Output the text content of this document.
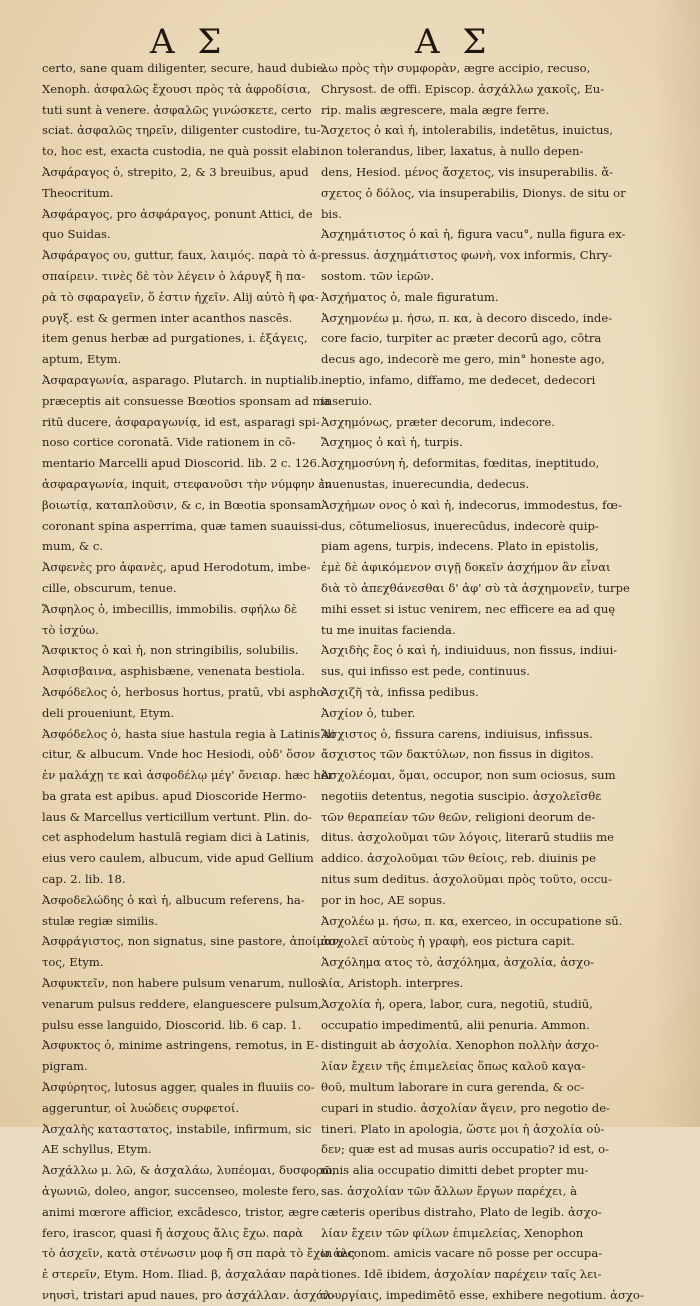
Α Σ	Α Σ
certo, sane quam diligenter, secure, haud dubie.
Xenoph. ἀσφαλῶς ἔχουσι πρὸς τὰ ἀφροδίσια,
tuti sunt à venere. ἀσφαλῶς γινώσκετε, certo
sciat. ἀσφαλῶς τηρεῖν, diligenter custodire, tu-
to, hoc est, exacta custodia, ne quà possit elabi.
Ἀσφάραγος ὁ, strepito, 2, & 3 breuibus, apud
Theocritum.
Ἀσφάραγος, pro ἀσφάραγος, ponunt Attici, de
quo Suidas.
Ἀσφάραγος ου, guttur, faux, λαιμός. παρὰ τὸ ἀ-
σπαίρειν. τινὲς δὲ τὸν λέγειν ὁ λάρυγξ ἢ πα-
ρὰ τὸ σφαραγεῖν, ὅ ἐστιν ἠχεῖν. Alij αὐτὸ ἢ φα-
ρυγξ. est & germen inter acanthos nascēs.
item genus herbæ ad purgationes, i. ἐξάγεις,
aptum, Etym.
Ἀσφαραγωνία, asparago. Plutarch. in nuptialib.
præceptis ait consuesse Bœotios sponsam ad ma
ritū ducere, ἀσφαραγωνίᾳ, id est, asparagi spi-
noso cortice coronatā. Vide rationem in cō-
mentario Marcelli apud Dioscorid. lib. 2 c. 126.
ἀσφαραγωνία, inquit, στεφανοῦσι τὴν νύμφην ἐν
βοιωτίᾳ, καταπλοῦσιν, & c, in Bœotia sponsam
coronant spina asperrima, quæ tamen suauissi-
mum, & c.
Ἀσφενὲς pro ἀφανὲς, apud Herodotum, imbe-
cille, obscurum, tenue.
Ἄσφηλος ὁ, imbecillis, immobilis. σφήλω δὲ
τὸ ἰσχύω.
Ἄσφικτος ὁ καὶ ἡ, non stringibilis, solubilis.
Ἀσφισβαινα, asphisbæne, venenata bestiola.
Ἀσφόδελος ὁ, herbosus hortus, pratū, vbi aspho-
deli proueniunt, Etym.
Ἀσφόδελος ὁ, hasta siue hastula regia à Latinis di
citur, & albucum. Vnde hoc Hesiodi, οὐδ' ὅσον
ἐν μαλάχῃ τε καὶ ἀσφοδέλῳ μέγ' ὄνειαρ. hæc her
ba grata est apibus. apud Dioscoride Hermo-
laus & Marcellus verticillum vertunt. Plin. do-
cet asphodelum hastulā regiam dici à Latinis,
eius vero caulem, albucum, vide apud Gellium
cap. 2. lib. 18.
Ἀσφοδελώδης ὁ καὶ ἡ, albucum referens, ha-
stulæ regiæ similis.
Ἀσφράγιστος, non signatus, sine pastore, ἀποίμαν-
τος, Etym.
Ἀσφυκτεῖν, non habere pulsum venarum, nullos
venarum pulsus reddere, elanguescere pulsum,
pulsu esse languido, Dioscorid. lib. 6 cap. 1.
Ἀσφυκτος ὁ, minime astringens, remotus, in E-
pigram.
Ἀσφύρητος, lutosus agger, quales in fluuiis co-
aggeruntur, οἱ λυώδεις συρφετοί.
Ἀσχαλὴς καταστατος, instabile, infirmum, sic
AE schyllus, Etym.
Ἀσχάλλω μ. λῶ, & ἀσχαλάω, λυπέομαι, δυσφορῶ,
ἀγωνιῶ, doleo, angor, succenseo, moleste fero,
animi mœrore afficior, excādesco, tristor, ægre
fero, irascor, quasi ἤ ἀσχους ἄλις ἔχω. παρὰ
τὸ ἀσχεῖν, κατὰ στένωσιν μοφ ἤ σπ παρὰ τὸ ἔχω ἀλς
ἐ στερεῖν, Etym. Hom. Iliad. β, ἀσχαλάαν παρὰ
νηυσὶ, tristari apud naues, pro ἀσχάλλαν. ἀσχάλ-
λω πρὸς τὴν συμφορὰν, ægre accipio, recuso,
Chrysost. de offi. Episcop. ἀσχάλλω χακοῖς, Eu-
rip. malis ægrescere, mala ægre ferre.
Ἄσχετος ὁ καὶ ἡ, intolerabilis, indetētus, inuictus,
non tolerandus, liber, laxatus, à nullo depen-
dens, Hesiod. μένος ἄσχετος, vis insuperabilis. ἄ-
σχετος ὁ δόλος, via insuperabilis, Dionys. de situ or
bis.
Ἀσχημάτιστος ὁ καὶ ἡ, figura vacu°, nulla figura ex-
pressus. ἀσχημάτιστος φωνὴ, vox informis, Chry-
sostom. τῶν ἱερῶν.
Ἀσχήματος ὁ, male figuratum.
Ἀσχημονέω μ. ήσω, π. κα, à decoro discedo, inde-
core facio, turpiter ac præter decorū ago, cōtra
decus ago, indecorè me gero, min° honeste ago,
ineptio, infamo, diffamo, me dedecet, dedecori
inseruio.
Ἀσχημόνως, præter decorum, indecore.
Ἄσχημος ὁ καὶ ἡ, turpis.
Ἀσχημοσύνη ἡ, deformitas, fœditas, ineptitudo,
inuenustas, inuerecundia, dedecus.
Ἀσχήμων ονος ὁ καὶ ἡ, indecorus, immodestus, fœ-
dus, cōtumeliosus, inuerecūdus, indecorè quip-
piam agens, turpis, indecens. Plato in epistolis,
ἐμὲ δὲ ἀφικόμενον σιγῇ δοκεῖν ἀσχήμον ἂν εἶναι
διὰ τὸ ἀπεχθάνεσθαι δ' ἀφ' σὺ τὰ ἀσχημονεῖν, turpe
mihi esset si istuc venirem, nec efficere ea ad quę
tu me inuitas facienda.
Ἀσχιδὴς ἔος ὁ καὶ ἡ, indiuiduus, non fissus, indiui-
sus, qui infisso est pede, continuus.
Ἀσχιζῆ τὰ, infissa pedibus.
Ἀσχίον ὁ, tuber.
Ἄσχιστος ὁ, fissura carens, indiuisus, infissus.
ἄσχιστος τῶν δακτύλων, non fissus in digitos.
Ἀσχολέομαι, ὅμαι, occupor, non sum ociosus, sum
negotiis detentus, negotia suscipio. ἀσχολεῖσθε
τῶν θεραπείαν τῶν θεῶν, religioni deorum de-
ditus. ἀσχολοῦμαι τῶν λόγοις, literarū studiis me
addico. ἀσχολοῦμαι τῶν θείοις, reb. diuinis pe
nitus sum deditus. ἀσχολοῦμαι πρὸς τοῦτο, occu-
por in hoc, AE sopus.
Ἀσχολέω μ. ήσω, π. κα, exerceo, in occupatione sū.
ἀσχολεῖ αὐτοὺς ἡ γραφὴ, eos pictura capit.
Ἀσχόλημα ατος τὸ, ἀσχόλημα, ἀσχολία, ἀσχο-
λία, Aristoph. interpres.
Ἀσχολία ἡ, opera, labor, cura, negotiū, studiū,
occupatio impedimentū, alii penuria. Ammon.
distinguit ab ἀσχολία. Xenophon πολλὴν ἀσχο-
λίαν ἔχειν τῆς ἐπιμελείας ὅπως καλοῦ καγα-
θοῦ, multum laborare in cura gerenda, & oc-
cupari in studio. ἀσχολίαν ἄγειν, pro negotio de-
tineri. Plato in apologia, ὥστε μοι ἡ ἀσχολία οὐ-
δεν; quæ est ad musas auris occupatio? id est, o-
mnis alia occupatio dimitti debet propter mu-
sas. ἀσχολίαν τῶν ἄλλων ἔργων παρέχει, à
cæteris operibus distraho, Plato de legib. ἀσχο-
λίαν ἔχειν τῶν φίλων ἐπιμελείας, Xenophon
in œconom. amicis vacare nō posse per occupa-
tiones. Idē ibidem, ἀσχολίαν παρέχειν ταῖς λει-
τουργίαις, impedimētō esse, exhibere negotium. ἀσχο-
